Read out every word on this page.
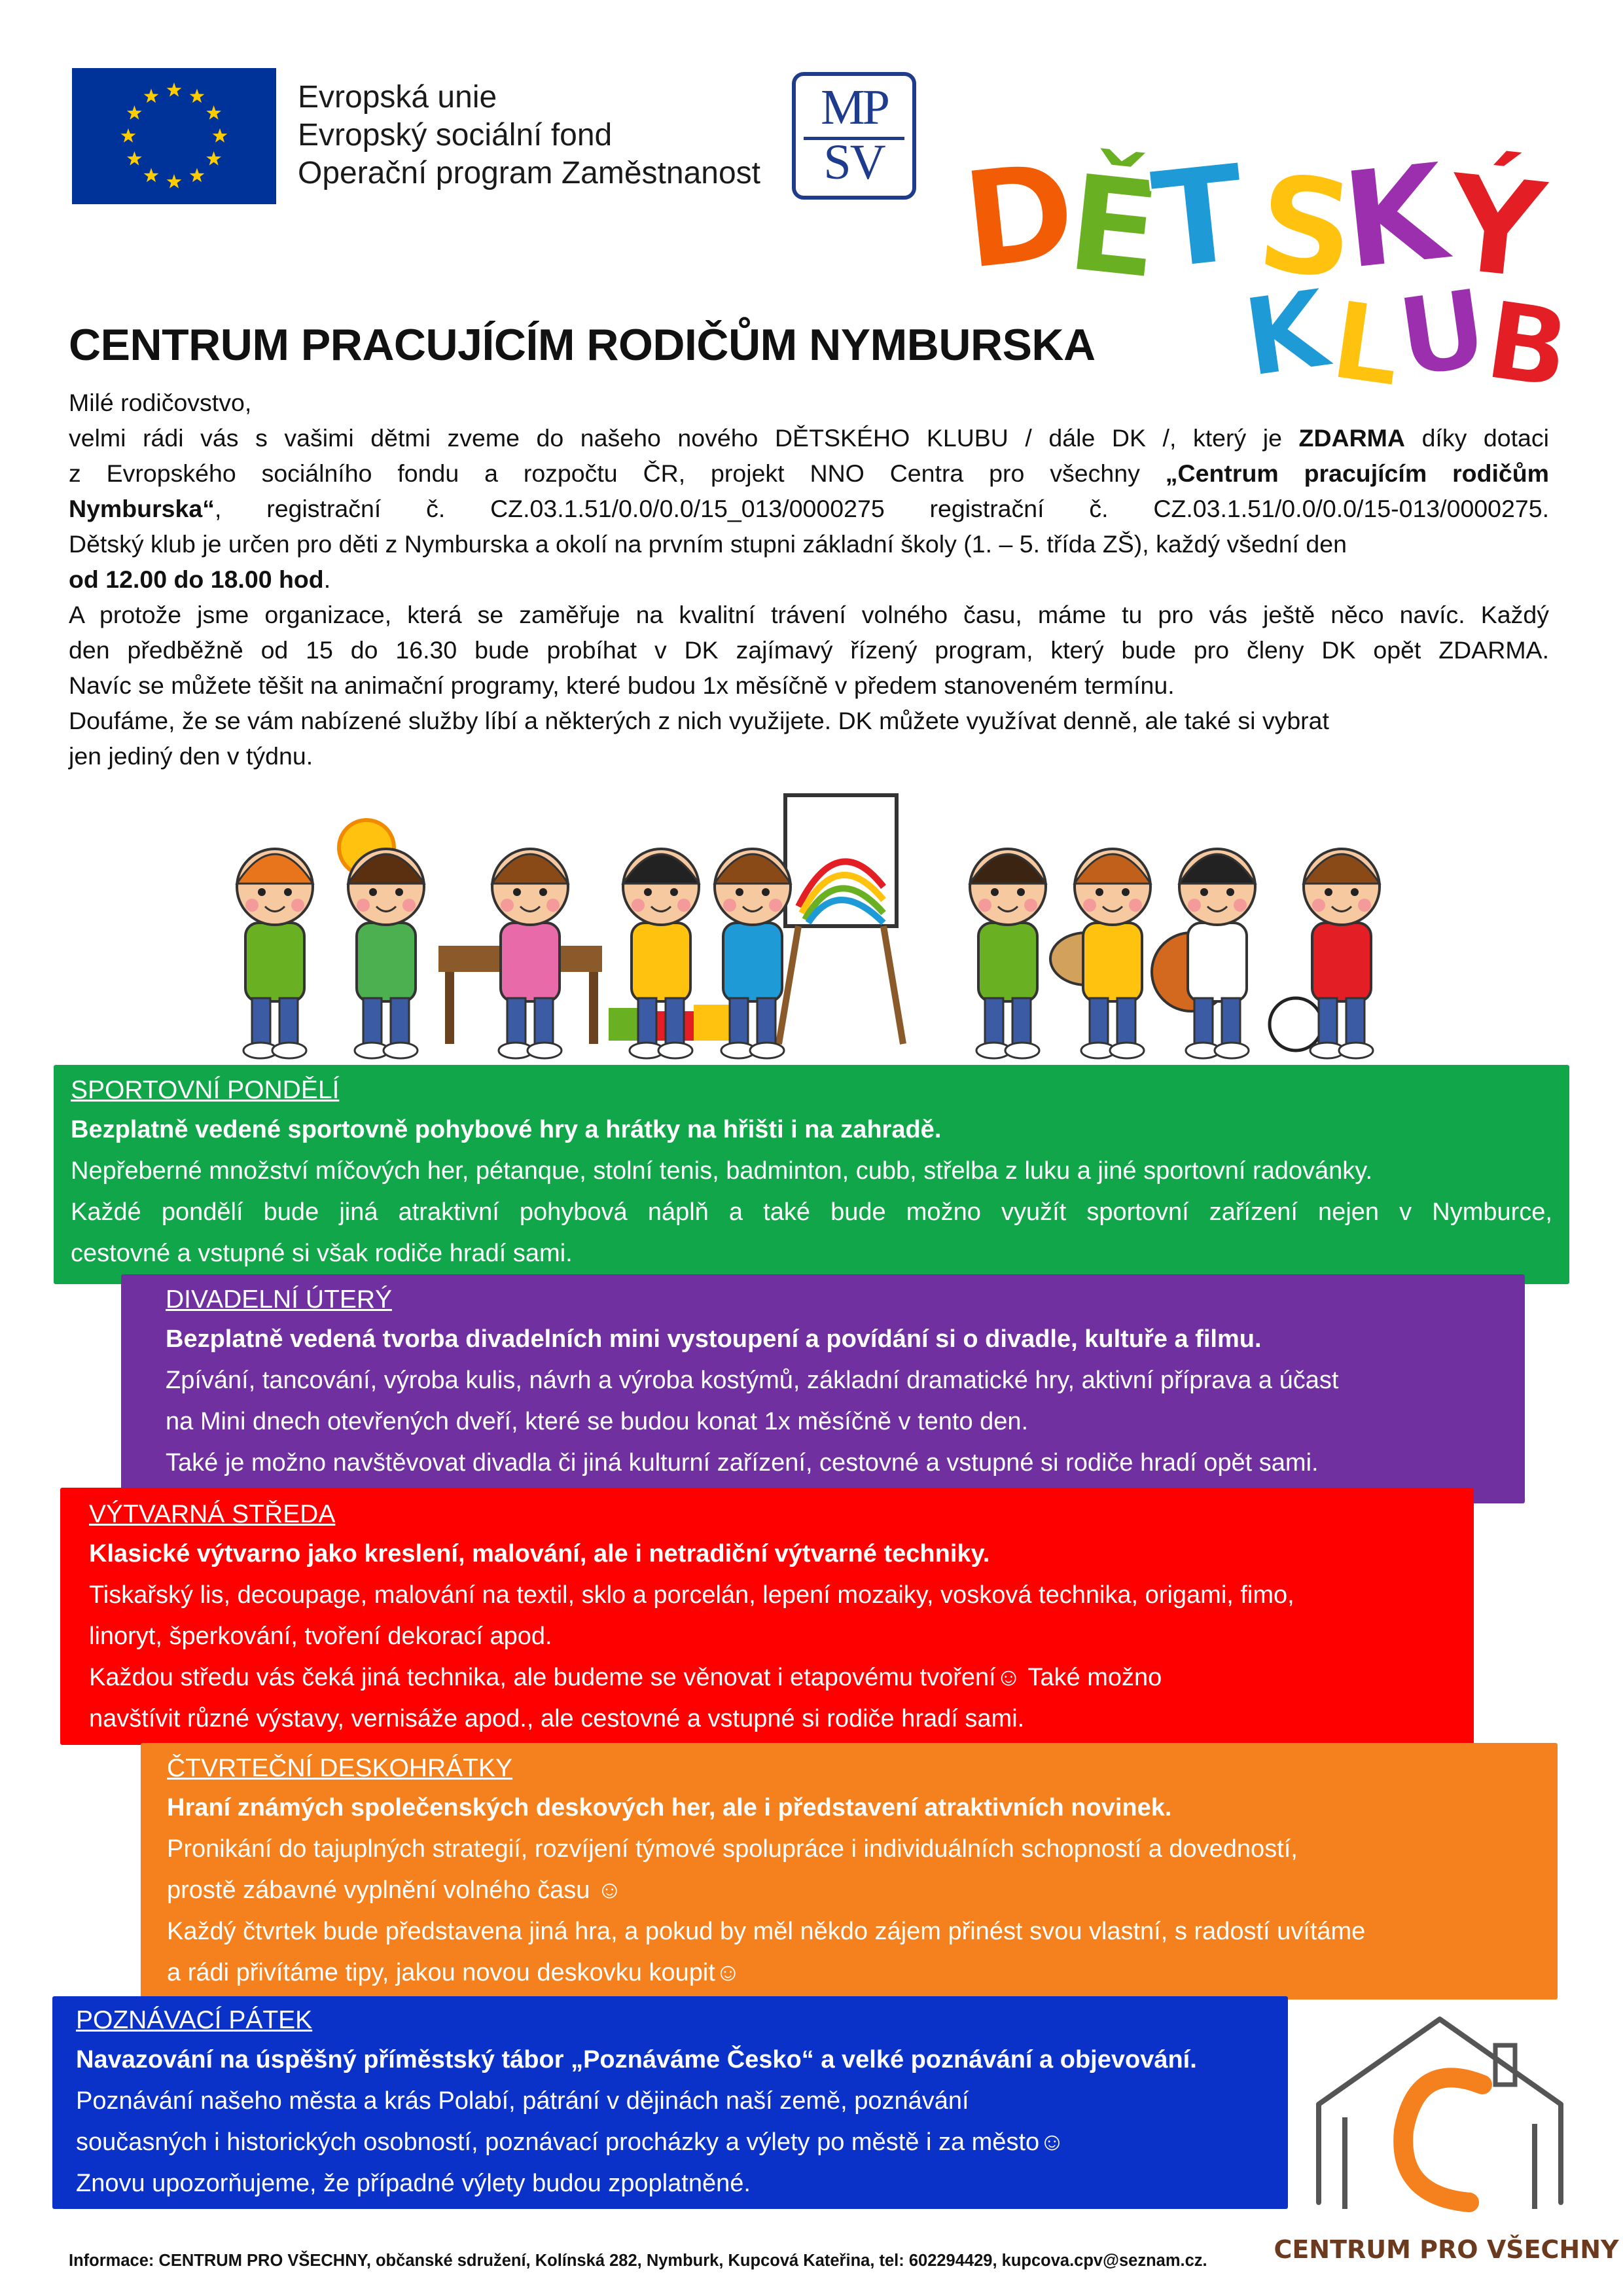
Evropská unie
Evropský sociální fond
Operační program Zaměstnanost
MP
SV D
Ě
T
S
K
Ý
K
L
U
B
CENTRUM PRACUJÍCÍM RODIČŮM NYMBURSKA

Milé rodičovstvo,

velmi rádi vás s vašimi dětmi zveme do našeho nového DĚTSKÉHO KLUBU / dále DK /, který je ZDARMA díky dotaci

z Evropského sociálního fondu a rozpočtu ČR, projekt NNO Centra pro všechny „Centrum pracujícím rodičům

Nymburska“, registrační č. CZ.03.1.51/0.0/0.0/15_013/0000275 registrační č. CZ.03.1.51/0.0/0.0/15-013/0000275.

Dětský klub je určen pro děti z Nymburska a okolí na prvním stupni základní školy (1. – 5. třída ZŠ), každý všední den

od 12.00 do 18.00 hod.

A protože jsme organizace, která se zaměřuje na kvalitní trávení volného času, máme tu pro vás ještě něco navíc. Každý

den předběžně od 15 do 16.30 bude probíhat v DK zajímavý řízený program, který bude pro členy DK opět ZDARMA.

Navíc se můžete těšit na animační programy, které budou 1x měsíčně v předem stanoveném termínu.

Doufáme, že se vám nabízené služby líbí a některých z nich využijete. DK můžete využívat denně, ale také si vybrat

jen jediný den v týdnu.

SPORTOVNÍ PONDĚLÍ
Bezplatně vedené sportovně pohybové hry a hrátky na hřišti i na zahradě.
Nepřeberné množství míčových her, pétanque, stolní tenis, badminton, cubb, střelba z luku a jiné sportovní radovánky.
Každé pondělí bude jiná atraktivní pohybová náplň a také bude možno využít sportovní zařízení nejen v Nymburce,
cestovné a vstupné si však rodiče hradí sami.
DIVADELNÍ ÚTERÝ
Bezplatně vedená tvorba divadelních mini vystoupení a povídání si o divadle, kultuře a filmu.
Zpívání, tancování, výroba kulis, návrh a výroba kostýmů, základní dramatické hry, aktivní příprava a účast
na Mini dnech otevřených dveří, které se budou konat 1x měsíčně v tento den.
Také je možno navštěvovat divadla či jiná kulturní zařízení, cestovné a vstupné si rodiče hradí opět sami.
VÝTVARNÁ STŘEDA
Klasické výtvarno jako kreslení, malování, ale i netradiční výtvarné techniky.
Tiskařský lis, decoupage, malování na textil, sklo a porcelán, lepení mozaiky, vosková technika, origami, fimo,
linoryt, šperkování, tvoření dekorací apod.
Každou středu vás čeká jiná technika, ale budeme se věnovat i etapovému tvoření☺ Také možno
navštívit různé výstavy, vernisáže apod., ale cestovné a vstupné si rodiče hradí sami.
ČTVRTEČNÍ DESKOHRÁTKY
Hraní známých společenských deskových her, ale i představení atraktivních novinek.
Pronikání do tajuplných strategií, rozvíjení týmové spolupráce i individuálních schopností a dovedností,
prostě zábavné vyplnění volného času ☺
Každý čtvrtek bude představena jiná hra, a pokud by měl někdo zájem přinést svou vlastní, s radostí uvítáme
a rádi přivítáme tipy, jakou novou deskovku koupit☺
POZNÁVACÍ PÁTEK
Navazování na úspěšný příměstský tábor „Poznáváme Česko“ a velké poznávání a objevování.
Poznávání našeho města a krás Polabí, pátrání v dějinách naší země, poznávání
současných i historických osobností, poznávací procházky a výlety po městě i za město☺
Znovu upozorňujeme, že případné výlety budou zpoplatněné.
CENTRUM PRO VŠECHNY
Informace: CENTRUM PRO VŠECHNY, občanské sdružení, Kolínská 282, Nymburk, Kupcová Kateřina, tel: 602294429, kupcova.cpv@seznam.cz.
